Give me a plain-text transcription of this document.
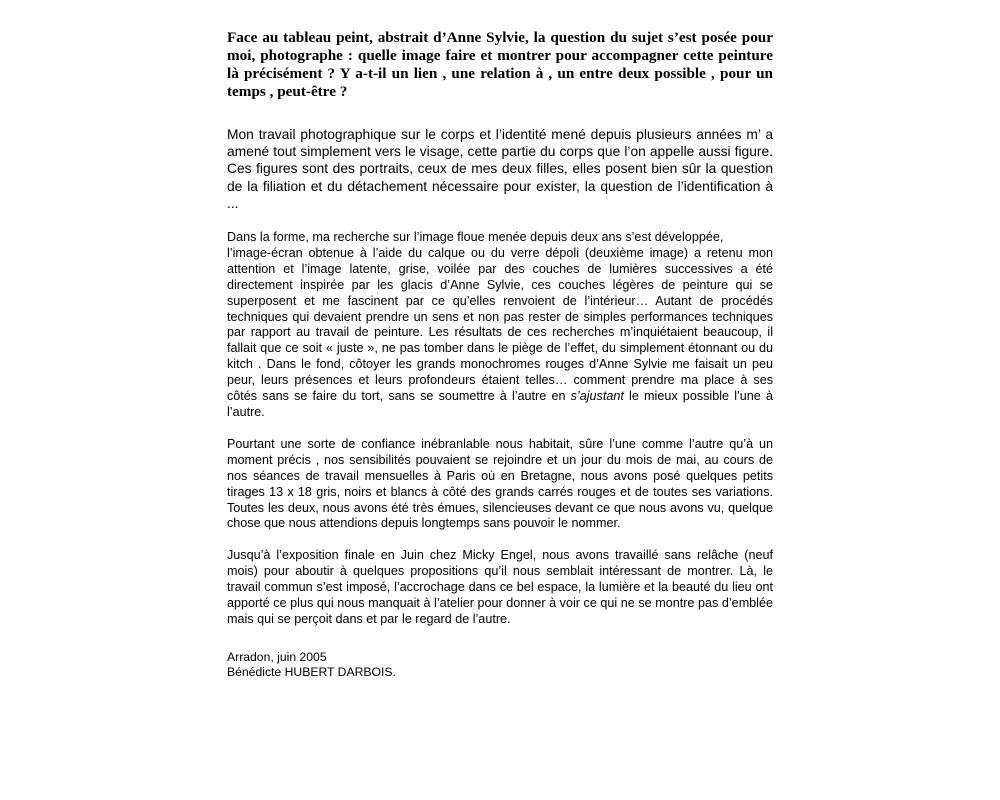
Face au tableau peint, abstrait d’Anne Sylvie, la question du sujet s’est posée pour moi, photographe : quelle image faire et montrer pour accompagner cette peinture là précisément ? Y a-t-il un lien , une relation à , un entre deux possible , pour un temps , peut-être ?

Mon travail photographique sur le corps et l’identité mené depuis plusieurs années m’ a amené tout simplement vers le visage, cette partie du corps que l’on appelle aussi figure. Ces figures sont des portraits, ceux de mes deux filles, elles posent bien sûr la question de la filiation et du détachement nécessaire pour exister, la question de l’identification à ...

Dans la forme, ma recherche sur l’image floue menée depuis deux ans s’est développée,
l’image-écran obtenue à l’aide du calque ou du verre dépoli (deuxième image) a retenu mon attention et l’image latente, grise, voilée par des couches de lumières successives a été directement inspirée par les glacis d’Anne Sylvie, ces couches légères de peinture qui se superposent et me fascinent par ce qu’elles renvoient de l’intérieur… Autant de procédés techniques qui devaient prendre un sens et non pas rester de simples performances techniques par rapport au travail de peinture. Les résultats de ces recherches m’inquiétaient beaucoup, il fallait que ce soit « juste », ne pas tomber dans le piège de l’effet, du simplement étonnant ou du kitch . Dans le fond, côtoyer les grands monochromes rouges d’Anne Sylvie me faisait un peu peur, leurs présences et leurs profondeurs étaient telles… comment prendre ma place à ses côtés sans se faire du tort, sans se soumettre à l’autre en s’ajustant le mieux possible l’une à l’autre.

Pourtant une sorte de confiance inébranlable nous habitait, sûre l’une comme l’autre qu’à un moment précis , nos sensibilités pouvaient se rejoindre et un jour du mois de mai, au cours de nos séances de travail mensuelles à Paris où en Bretagne, nous avons posé quelques petits tirages 13 x 18 gris, noirs et blancs à côté des grands carrés rouges et de toutes ses variations. Toutes les deux, nous avons été très émues, silencieuses devant ce que nous avons vu, quelque chose que nous attendions depuis longtemps sans pouvoir le nommer.

Jusqu’à l’exposition finale en Juin chez Micky Engel, nous avons travaillé sans relâche (neuf mois) pour aboutir à quelques propositions qu’il nous semblait intéressant de montrer. Là, le travail commun s’est imposé, l’accrochage dans ce bel espace, la lumière et la beauté du lieu ont apporté ce plus qui nous manquait à l’atelier pour donner à voir ce qui ne se montre pas d’emblée mais qui se perçoit dans et par le regard de l’autre.

Arradon, juin 2005
Bénédicte HUBERT DARBOIS.
